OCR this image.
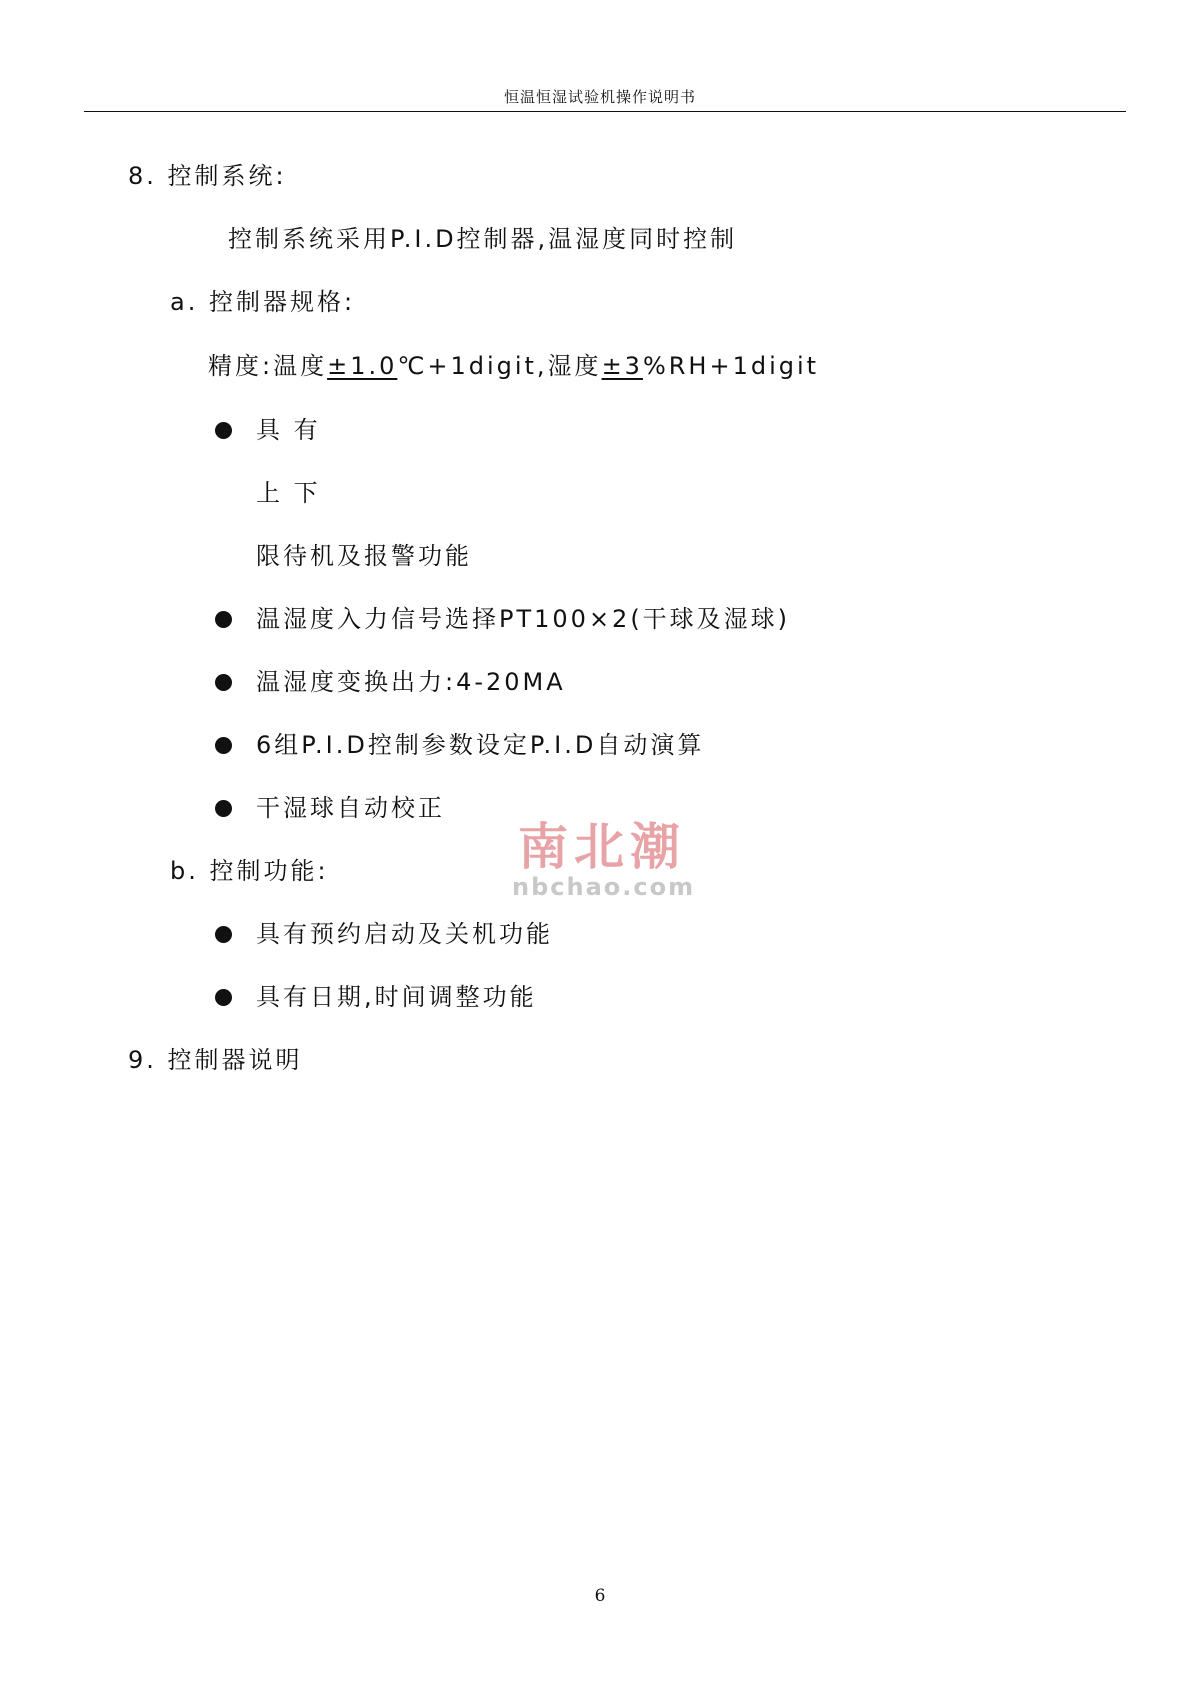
恒温恒湿试验机操作说明书
8. 控制系统:
控制系统采用P.I.D控制器,温湿度同时控制
a. 控制器规格:
精度:温度±1.0℃+1digit,湿度±3%RH+1digit
具 有
上 下
限待机及报警功能
温湿度入力信号选择PT100×2(干球及湿球)
温湿度变换出力:4-20MA
6组P.I.D控制参数设定P.I.D自动演算
干湿球自动校正
b. 控制功能:
具有预约启动及关机功能
具有日期,时间调整功能
9. 控制器说明
南北潮
nbchao.com
6
